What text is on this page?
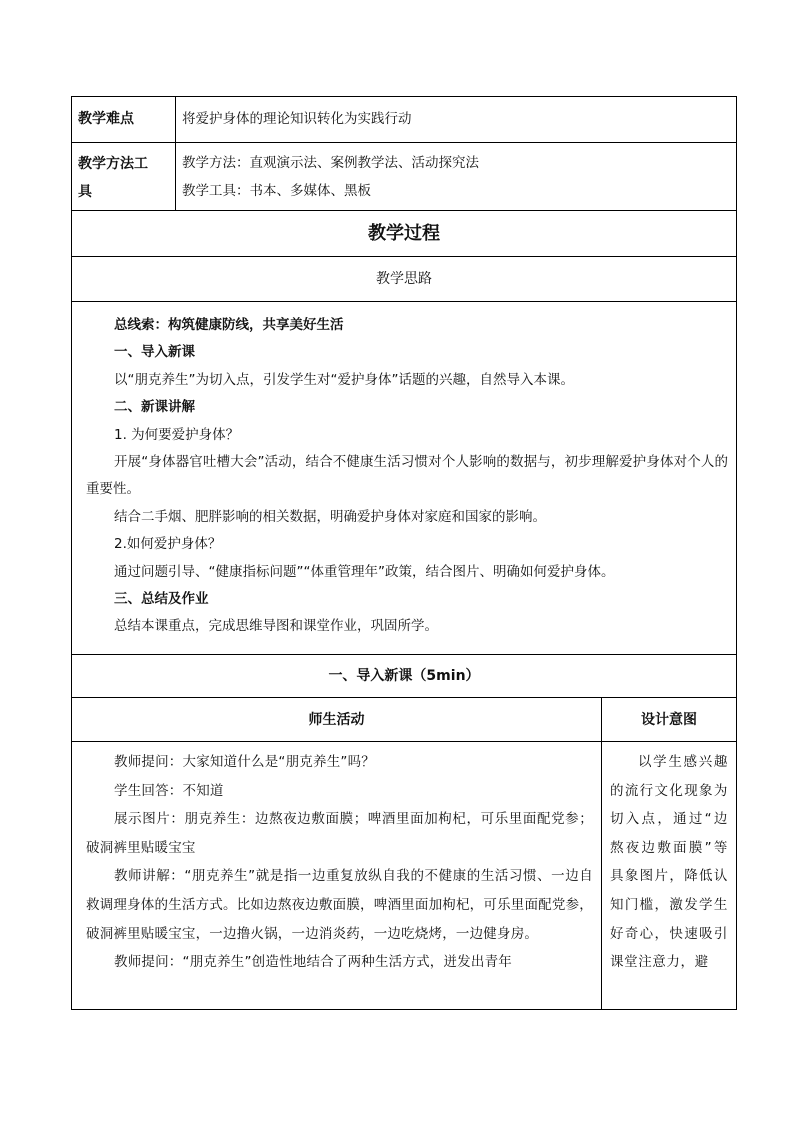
教学难点	将爱护身体的理论知识转化为实践行动
教学方法工
具
教学方法：直观演示法、案例教学法、活动探究法
教学工具：书本、多媒体、黑板
教学过程
教学思路

总线索：构筑健康防线，共享美好生活

一、导入新课

以“朋克养生”为切入点，引发学生对“爱护身体”话题的兴趣，自然导入本课。

二、新课讲解

1. 为何要爱护身体？

开展“身体器官吐槽大会”活动，结合不健康生活习惯对个人影响的数据与，初步理解爱护身体对个人的重要性。

结合二手烟、肥胖影响的相关数据，明确爱护身体对家庭和国家的影响。

2.如何爱护身体？

通过问题引导、“健康指标问题”“体重管理年”政策，结合图片、明确如何爱护身体。

三、总结及作业

总结本课重点，完成思维导图和课堂作业，巩固所学。

一、导入新课（5min）
师生活动	设计意图

教师提问：大家知道什么是“朋克养生”吗？

学生回答：不知道

展示图片：朋克养生：边熬夜边敷面膜；啤酒里面加枸杞，可乐里面配党参；破洞裤里贴暖宝宝

教师讲解：“朋克养生”就是指一边重复放纵自我的不健康的生活习惯、一边自救调理身体的生活方式。比如边熬夜边敷面膜，啤酒里面加枸杞，可乐里面配党参，破洞裤里贴暖宝宝，一边撸火锅，一边消炎药，一边吃烧烤，一边健身房。

教师提问：“朋克养生”创造性地结合了两种生活方式，迸发出青年

以学生感兴趣的流行文化现象为切入点，通过“边熬夜边敷面膜”等具象图片，降低认知门槛，激发学生好奇心，快速吸引课堂注意力，避
